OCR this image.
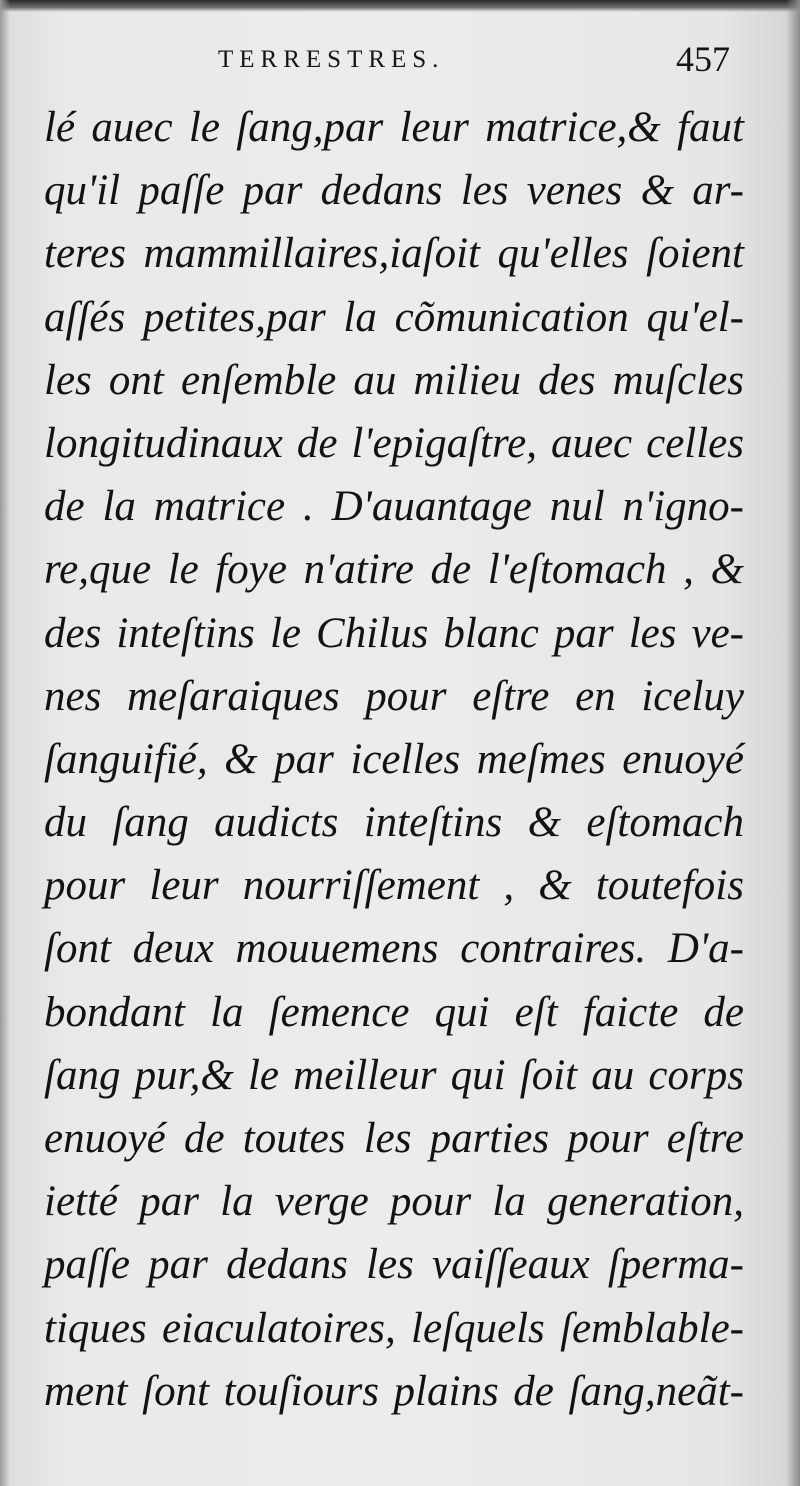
TERRESTRES.	457
lé auec le ſang,par leur matrice,& faut
qu'il paſſe par dedans les venes & ar-
teres mammillaires,iaſoit qu'elles ſoient
aſſés petites,par la cõmunication qu'el-
les ont enſemble au milieu des muſcles
longitudinaux de l'epigaſtre, auec celles
de la matrice . D'auantage nul n'igno-
re,que le foye n'atire de l'eſtomach , &
des inteſtins le Chilus blanc par les ve-
nes meſaraiques pour eſtre en iceluy
ſanguifié, & par icelles meſmes enuoyé
du ſang audicts inteſtins & eſtomach
pour leur nourriſſement , & toutefois
ſont deux mouuemens contraires. D'a-
bondant la ſemence qui eſt faicte de
ſang pur,& le meilleur qui ſoit au corps
enuoyé de toutes les parties pour eſtre
ietté par la verge pour la generation,
paſſe par dedans les vaiſſeaux ſperma-
tiques eiaculatoires, leſquels ſemblable-
ment ſont touſiours plains de ſang,neãt-
